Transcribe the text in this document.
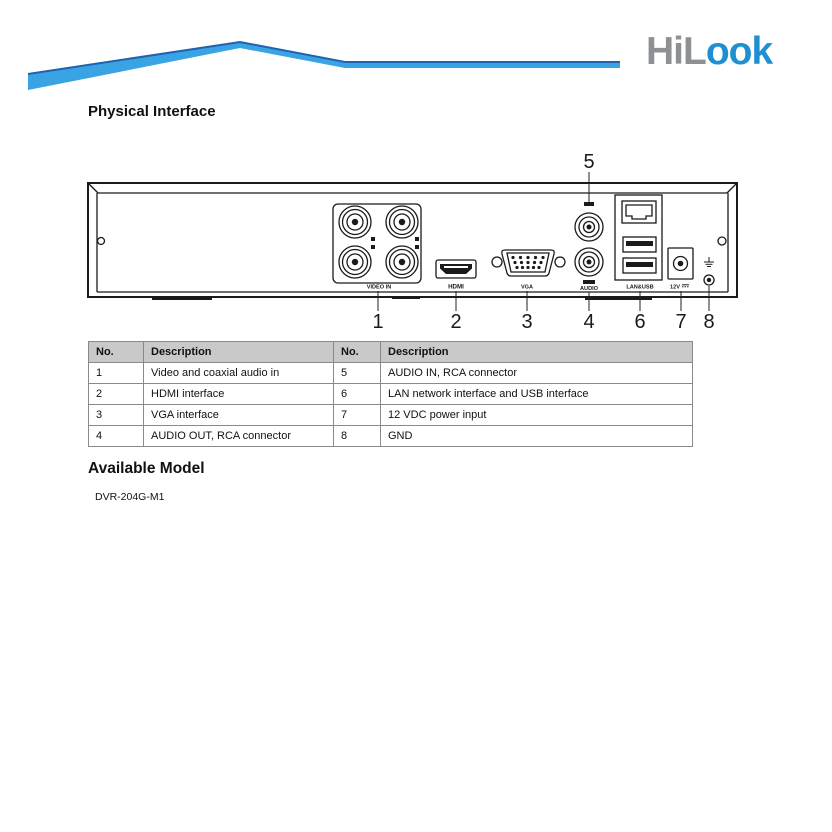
HiLook
Physical Interface
VIDEO IN	HDMI	VGA	AUDIO	LAN&USB	12V
5
1	2	3	4 6 7 8
No.	Description	No.	Description
1	Video and coaxial audio in	5	AUDIO IN, RCA connector
2	HDMI interface	6	LAN network interface and USB interface
3	VGA interface	7	12 VDC power input
4	AUDIO OUT, RCA connector	8	GND
Available Model
DVR-204G-M1
